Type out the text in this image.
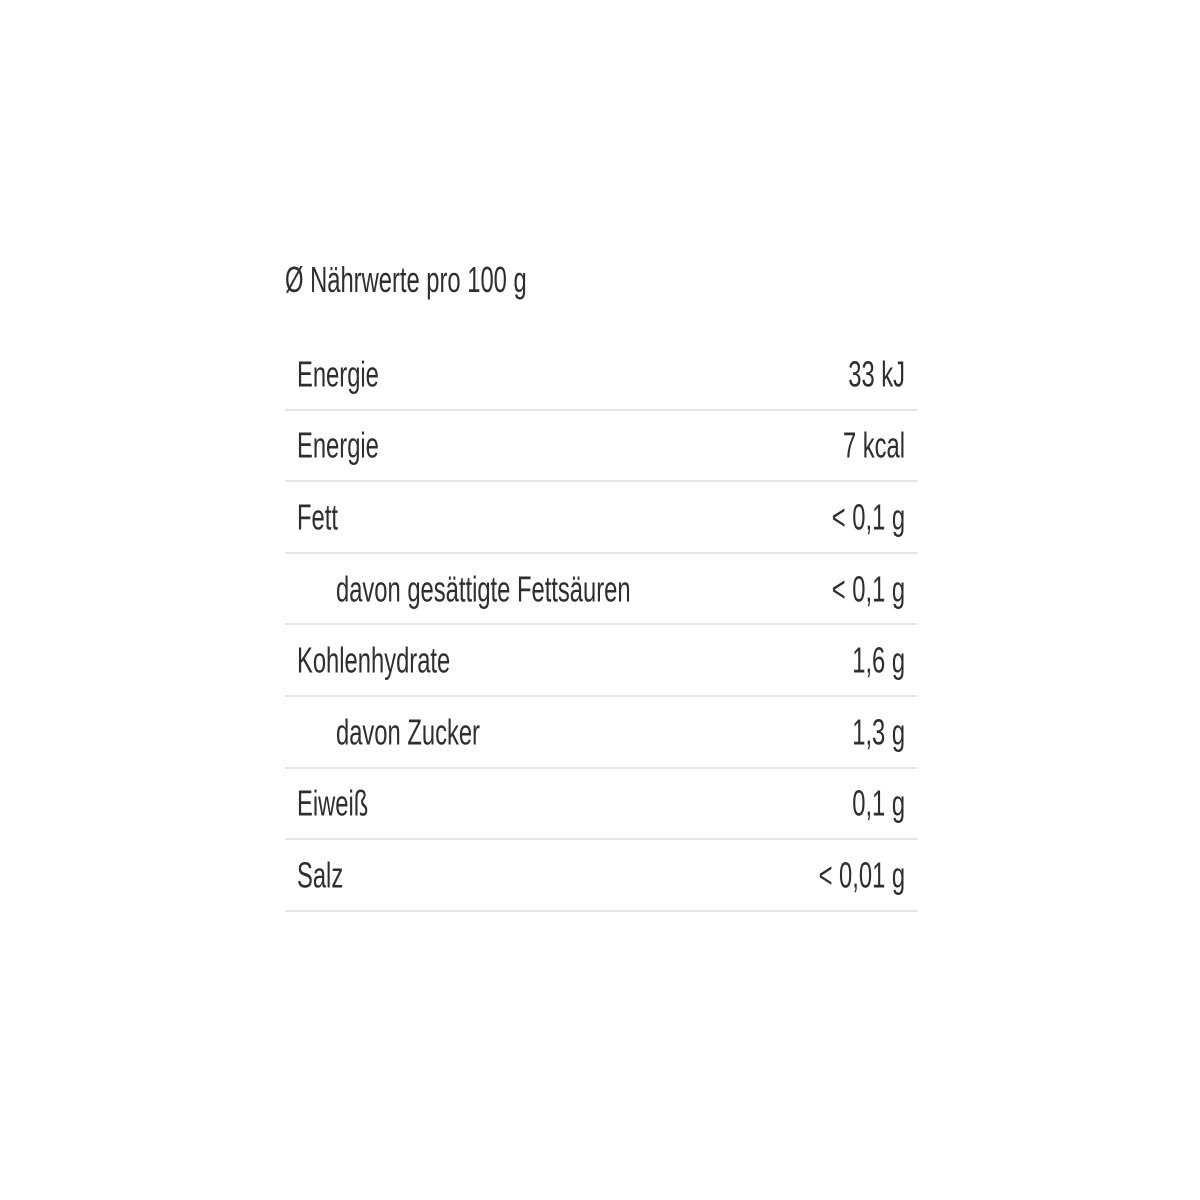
Ø Nährwerte pro 100 g
Energie	33 kJ
Energie	7 kcal
Fett	< 0,1 g
davon gesättigte Fettsäuren	< 0,1 g
Kohlenhydrate	1,6 g
davon Zucker	1,3 g
Eiweiß	0,1 g
Salz	< 0,01 g
